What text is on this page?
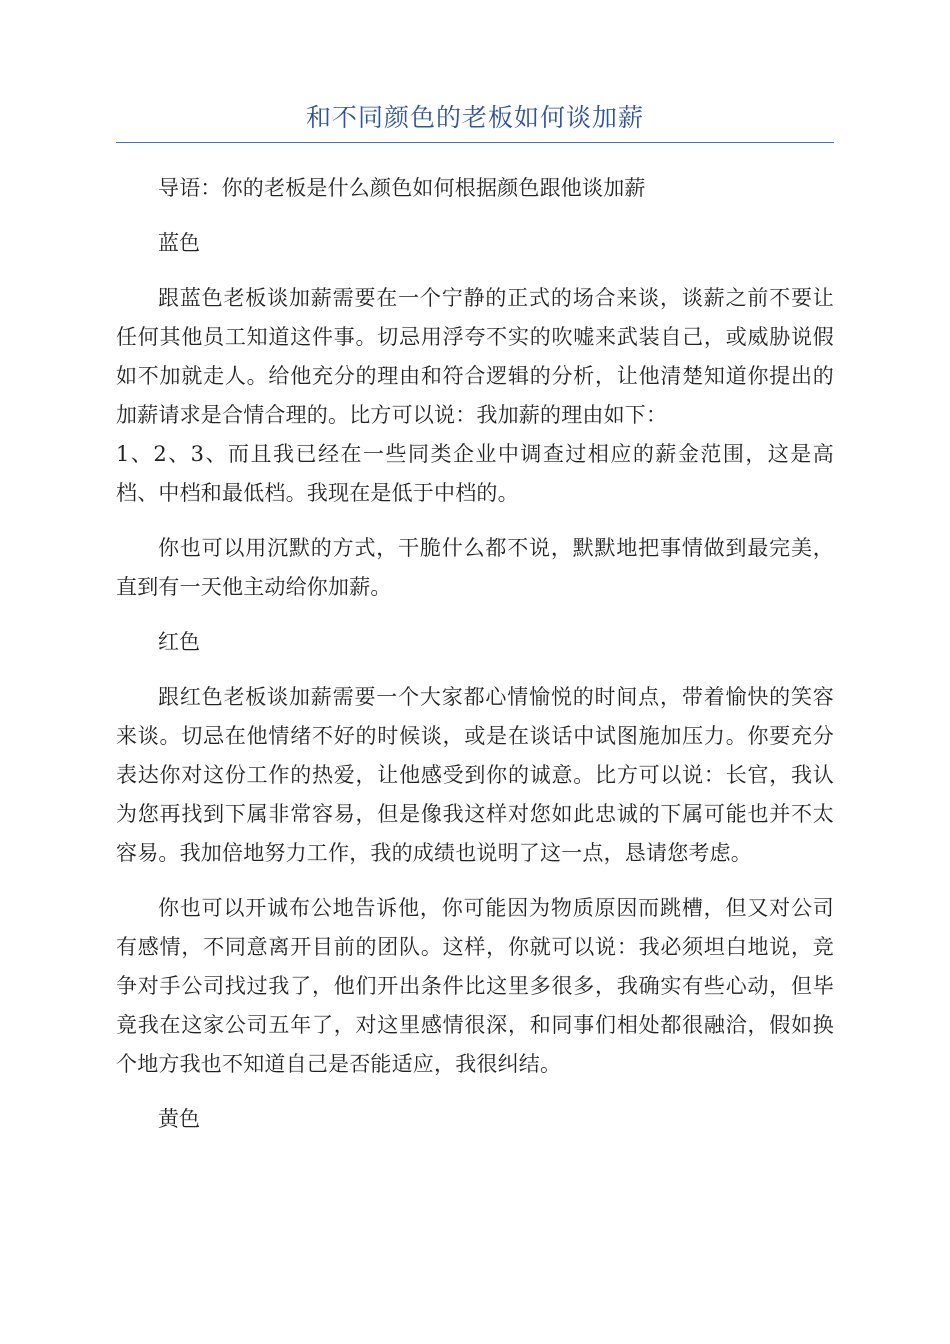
和不同颜色的老板如何谈加薪

导语：你的老板是什么颜色如何根据颜色跟他谈加薪

蓝色

跟蓝色老板谈加薪需要在一个宁静的正式的场合来谈，谈薪之前不要让任何其他员工知道这件事。切忌用浮夸不实的吹嘘来武装自己，或威胁说假如不加就走人。给他充分的理由和符合逻辑的分析，让他清楚知道你提出的加薪请求是合情合理的。比方可以说：我加薪的理由如下：

1、2、3、而且我已经在一些同类企业中调查过相应的薪金范围，这是高档、中档和最低档。我现在是低于中档的。

你也可以用沉默的方式，干脆什么都不说，默默地把事情做到最完美，直到有一天他主动给你加薪。

红色

跟红色老板谈加薪需要一个大家都心情愉悦的时间点，带着愉快的笑容来谈。切忌在他情绪不好的时候谈，或是在谈话中试图施加压力。你要充分表达你对这份工作的热爱，让他感受到你的诚意。比方可以说：长官，我认为您再找到下属非常容易，但是像我这样对您如此忠诚的下属可能也并不太容易。我加倍地努力工作，我的成绩也说明了这一点，恳请您考虑。

你也可以开诚布公地告诉他，你可能因为物质原因而跳槽，但又对公司有感情，不同意离开目前的团队。这样，你就可以说：我必须坦白地说，竞争对手公司找过我了，他们开出条件比这里多很多，我确实有些心动，但毕竟我在这家公司五年了，对这里感情很深，和同事们相处都很融洽，假如换个地方我也不知道自己是否能适应，我很纠结。

黄色
